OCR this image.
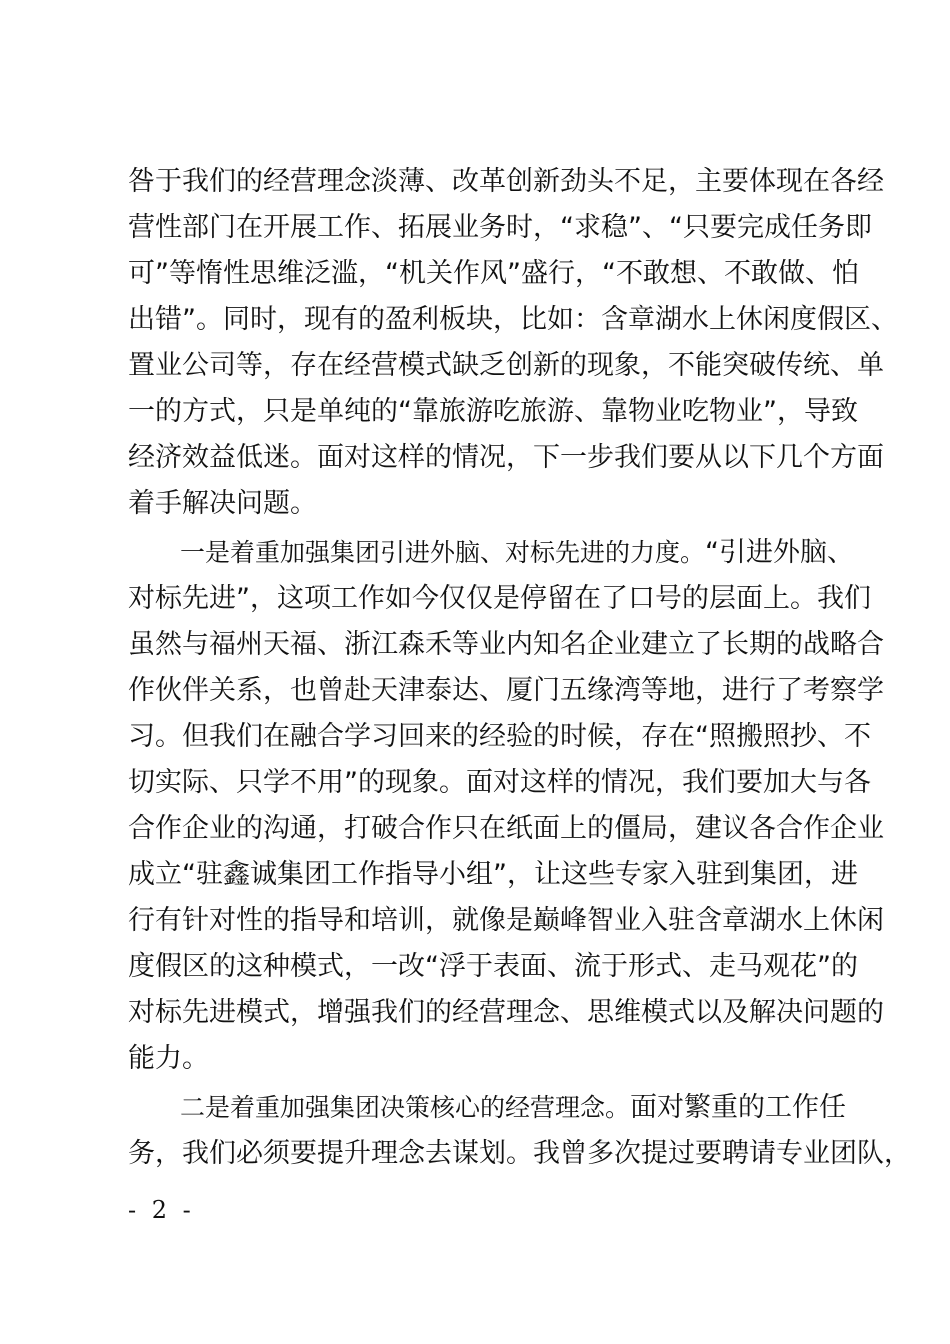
咎于我们的经营理念淡薄、改革创新劲头不足，主要体现在各经
营性部门在开展工作、拓展业务时，“求稳”、“只要完成任务即
可”等惰性思维泛滥，“机关作风”盛行，“不敢想、不敢做、怕
出错”。同时，现有的盈利板块，比如：含章湖水上休闲度假区、
置业公司等，存在经营模式缺乏创新的现象，不能突破传统、单
一的方式，只是单纯的“靠旅游吃旅游、靠物业吃物业”，导致
经济效益低迷。面对这样的情况，下一步我们要从以下几个方面
着手解决问题。
一是着重加强集团引进外脑、对标先进的力度。“引进外脑、
对标先进”，这项工作如今仅仅是停留在了口号的层面上。我们
虽然与福州天福、浙江森禾等业内知名企业建立了长期的战略合
作伙伴关系，也曾赴天津泰达、厦门五缘湾等地，进行了考察学
习。但我们在融合学习回来的经验的时候，存在“照搬照抄、不
切实际、只学不用”的现象。面对这样的情况，我们要加大与各
合作企业的沟通，打破合作只在纸面上的僵局，建议各合作企业
成立“驻鑫诚集团工作指导小组”，让这些专家入驻到集团，进
行有针对性的指导和培训，就像是巅峰智业入驻含章湖水上休闲
度假区的这种模式，一改“浮于表面、流于形式、走马观花”的
对标先进模式，增强我们的经营理念、思维模式以及解决问题的
能力。
二是着重加强集团决策核心的经营理念。面对繁重的工作任
务，我们必须要提升理念去谋划。我曾多次提过要聘请专业团队，
- 2 -
